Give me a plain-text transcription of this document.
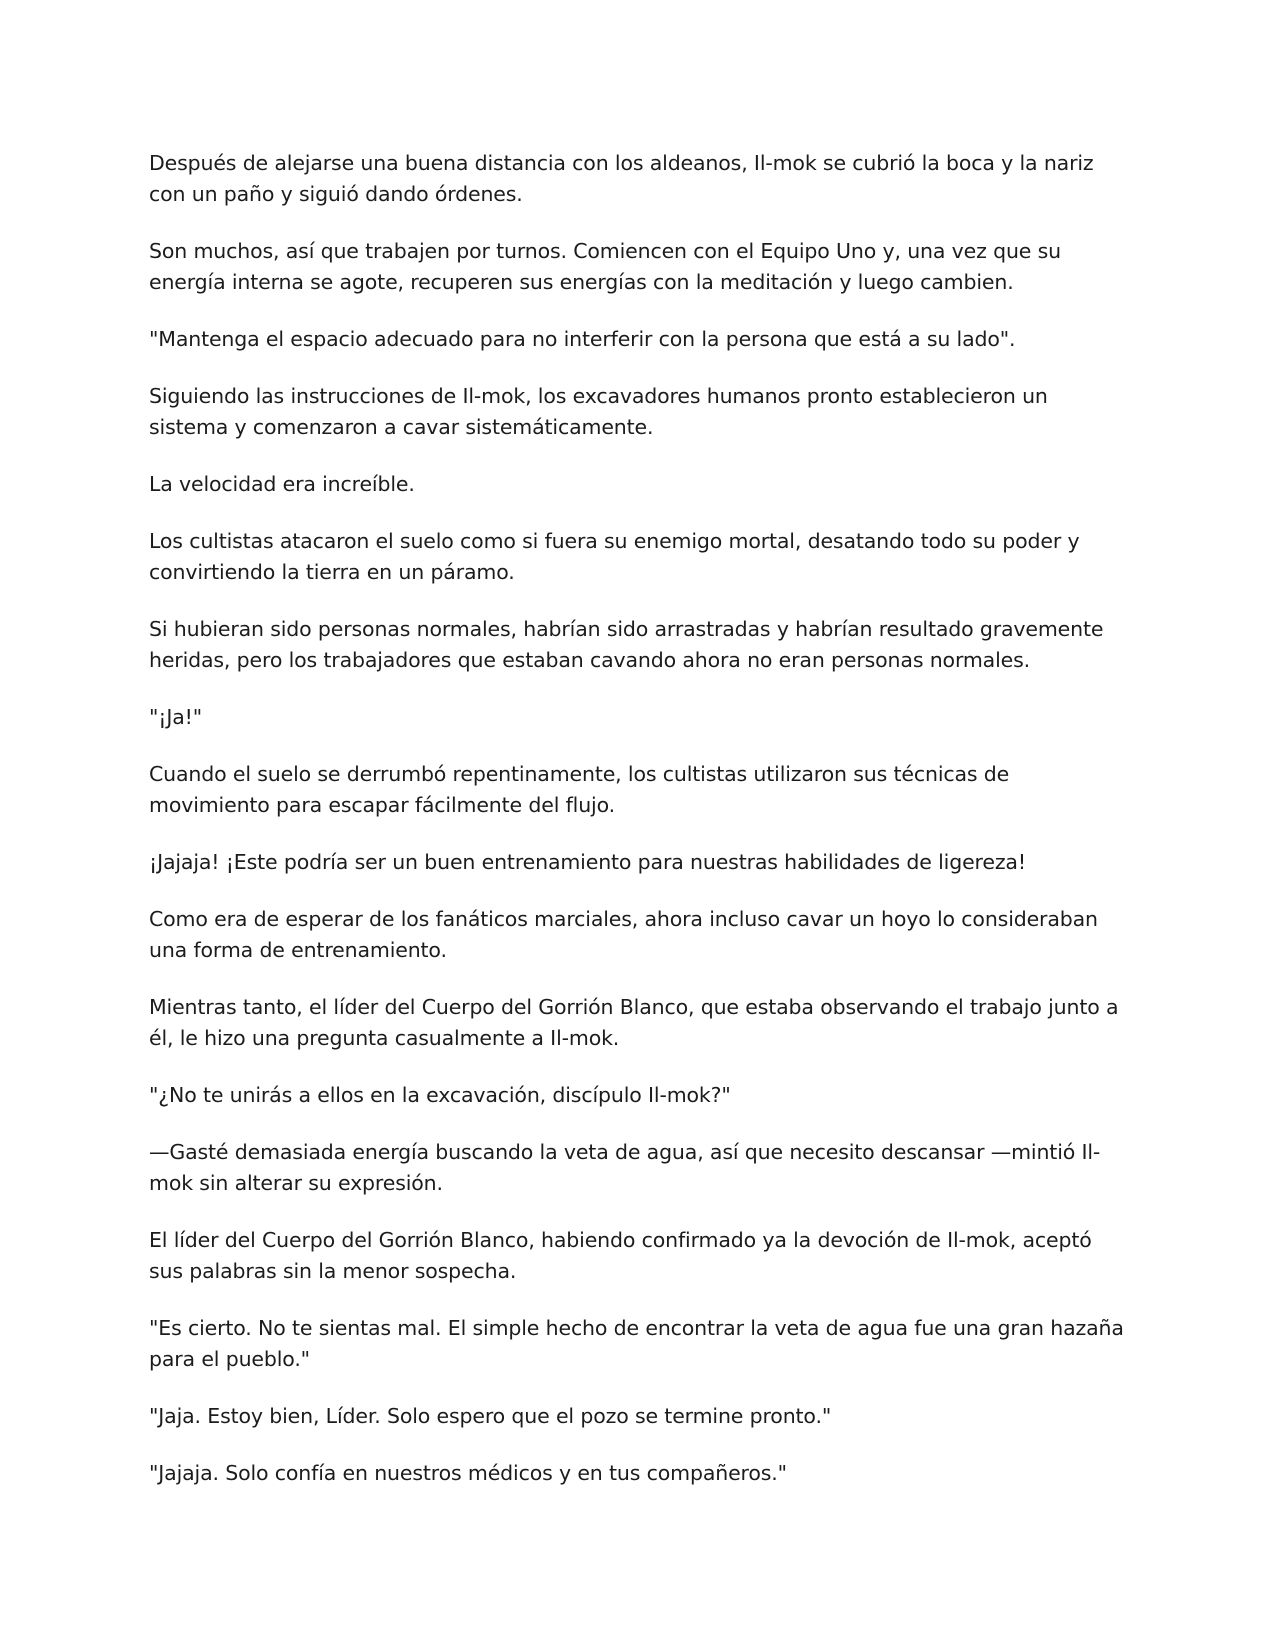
Después de alejarse una buena distancia con los aldeanos, Il-mok se cubrió la boca y la nariz
con un paño y siguió dando órdenes.

Son muchos, así que trabajen por turnos. Comiencen con el Equipo Uno y, una vez que su
energía interna se agote, recuperen sus energías con la meditación y luego cambien.

"Mantenga el espacio adecuado para no interferir con la persona que está a su lado".

Siguiendo las instrucciones de Il-mok, los excavadores humanos pronto establecieron un
sistema y comenzaron a cavar sistemáticamente.

La velocidad era increíble.

Los cultistas atacaron el suelo como si fuera su enemigo mortal, desatando todo su poder y
convirtiendo la tierra en un páramo.

Si hubieran sido personas normales, habrían sido arrastradas y habrían resultado gravemente
heridas, pero los trabajadores que estaban cavando ahora no eran personas normales.

"¡Ja!"

Cuando el suelo se derrumbó repentinamente, los cultistas utilizaron sus técnicas de
movimiento para escapar fácilmente del flujo.

¡Jajaja! ¡Este podría ser un buen entrenamiento para nuestras habilidades de ligereza!

Como era de esperar de los fanáticos marciales, ahora incluso cavar un hoyo lo consideraban
una forma de entrenamiento.

Mientras tanto, el líder del Cuerpo del Gorrión Blanco, que estaba observando el trabajo junto a
él, le hizo una pregunta casualmente a Il-mok.

"¿No te unirás a ellos en la excavación, discípulo Il-mok?"

—Gasté demasiada energía buscando la veta de agua, así que necesito descansar —mintió Il-
mok sin alterar su expresión.

El líder del Cuerpo del Gorrión Blanco, habiendo confirmado ya la devoción de Il-mok, aceptó
sus palabras sin la menor sospecha.

"Es cierto. No te sientas mal. El simple hecho de encontrar la veta de agua fue una gran hazaña
para el pueblo."

"Jaja. Estoy bien, Líder. Solo espero que el pozo se termine pronto."

"Jajaja. Solo confía en nuestros médicos y en tus compañeros."
